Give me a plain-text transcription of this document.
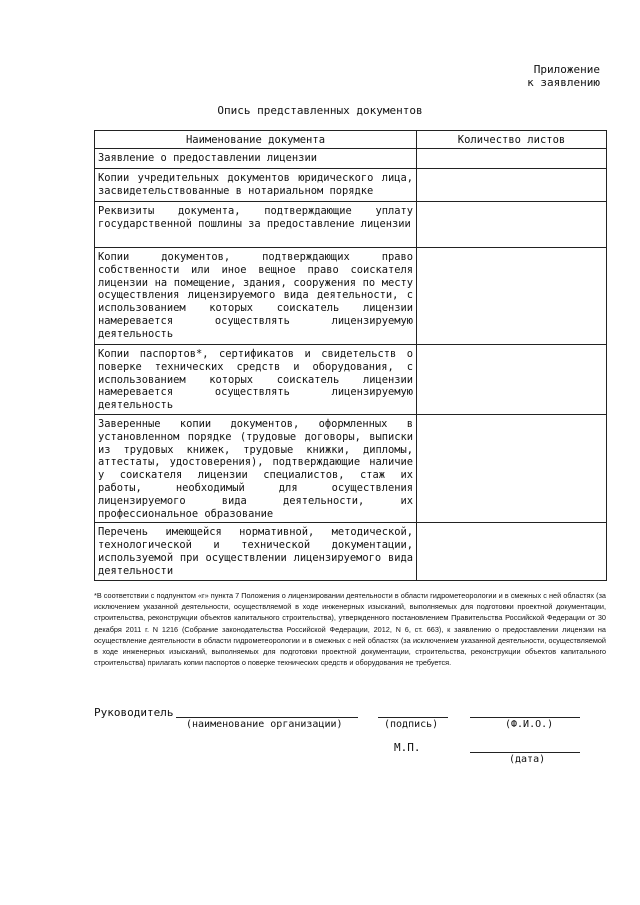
Приложение
к заявлению
Опись представленных документов
Наименование документа	Количество листов

Заявление о предоставлении лицензии	

Копии учредительных документов юридического лица, засвидетельствованные в нотариальном порядке	

Реквизиты документа, подтверждающие уплату государственной пошлины за предоставление лицензии	

Копии документов, подтверждающих право собственности или иное вещное право соискателя лицензии на помещение, здания, сооружения по месту осуществления лицензируемого вида деятельности, с использованием которых соискатель лицензии намеревается осуществлять лицензируемую деятельность	

Копии паспортов*, сертификатов и свидетельств о поверке технических средств и оборудования, с использованием которых соискатель лицензии намеревается осуществлять лицензируемую деятельность	

Заверенные копии документов, оформленных в установленном порядке (трудовые договоры, выписки из трудовых книжек, трудовые книжки, дипломы, аттестаты, удостоверения), подтверждающие наличие у соискателя лицензии специалистов, стаж их работы, необходимый для осуществления лицензируемого вида деятельности, их профессиональное образование	

Перечень имеющейся нормативной, методической, технологической и технической документации, используемой при осуществлении лицензируемого вида деятельности	

*В соответствии с подпунктом «г» пункта 7 Положения о лицензировании деятельности в области гидрометеорологии и в смежных с ней областях (за исключением указанной деятельности, осуществляемой в ходе инженерных изысканий, выполняемых для подготовки проектной документации, строительства, реконструкции объектов капитального строительства), утвержденного постановлением Правительства Российской Федерации от 30 декабря 2011 г. N 1216 (Собрание законодательства Российской Федерации, 2012, N 6, ст. 663), к заявлению о предоставлении лицензии на осуществление деятельности в области гидрометеорологии и в смежных с ней областях (за исключением указанной деятельности, осуществляемой в ходе инженерных изысканий, выполняемых для подготовки проектной документации, строительства, реконструкции объектов капитального строительства) прилагать копии паспортов о поверке технических средств и оборудования не требуется.
Руководитель
(наименование организации)	(подпись)	(Ф.И.О.)
М.П.
(дата)
